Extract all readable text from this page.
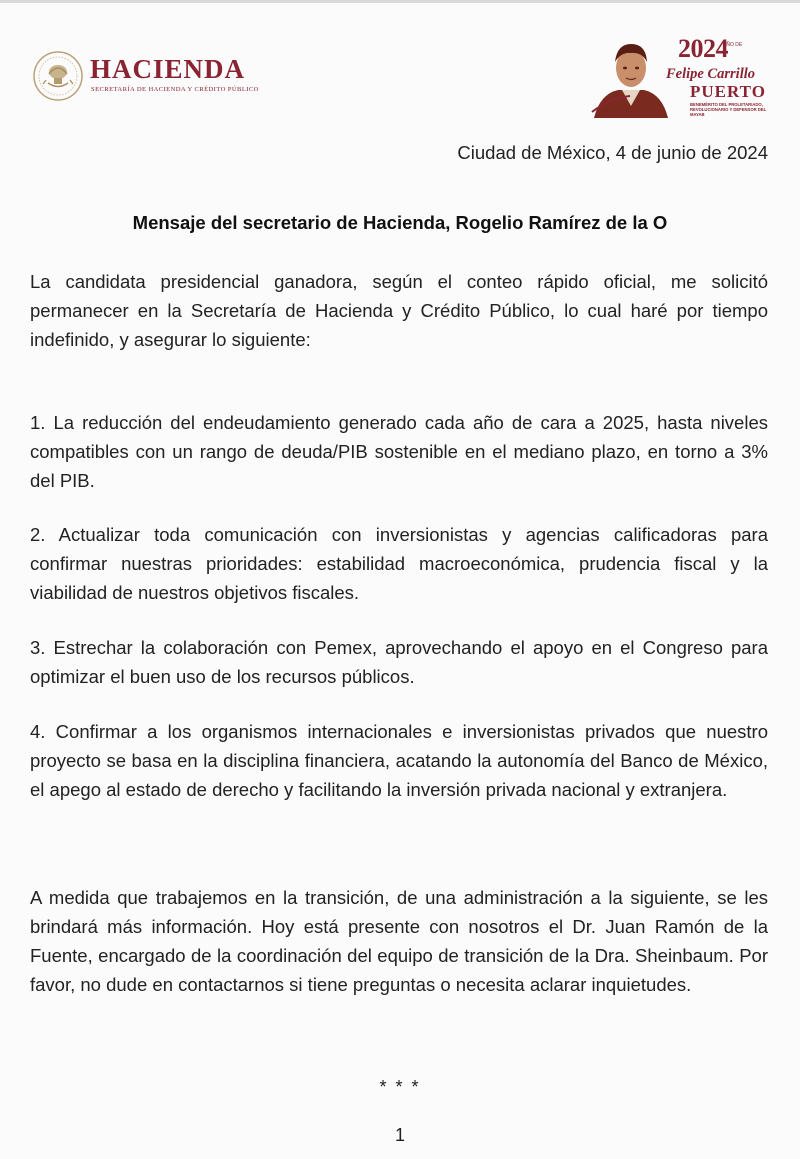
HACIENDA
SECRETARÍA DE HACIENDA Y CRÉDITO PÚBLICO
2024
AÑO DE
Felipe Carrillo
PUERTO
BENEMÉRITO DEL PROLETARIADO, REVOLUCIONARIO Y DEFENSOR DEL MAYAB
Ciudad de México, 4 de junio de 2024
Mensaje del secretario de Hacienda, Rogelio Ramírez de la O

La candidata presidencial ganadora, según el conteo rápido oficial, me solicitó permanecer en la Secretaría de Hacienda y Crédito Público, lo cual haré por tiempo indefinido, y asegurar lo siguiente:

1. La reducción del endeudamiento generado cada año de cara a 2025, hasta niveles compatibles con un rango de deuda/PIB sostenible en el mediano plazo, en torno a 3% del PIB.

2. Actualizar toda comunicación con inversionistas y agencias calificadoras para confirmar nuestras prioridades: estabilidad macroeconómica, prudencia fiscal y la viabilidad de nuestros objetivos fiscales.

3. Estrechar la colaboración con Pemex, aprovechando el apoyo en el Congreso para optimizar el buen uso de los recursos públicos.

4. Confirmar a los organismos internacionales e inversionistas privados que nuestro proyecto se basa en la disciplina financiera, acatando la autonomía del Banco de México, el apego al estado de derecho y facilitando la inversión privada nacional y extranjera.

A medida que trabajemos en la transición, de una administración a la siguiente, se les brindará más información. Hoy está presente con nosotros el Dr. Juan Ramón de la Fuente, encargado de la coordinación del equipo de transición de la Dra. Sheinbaum. Por favor, no dude en contactarnos si tiene preguntas o necesita aclarar inquietudes.

* * *
1
